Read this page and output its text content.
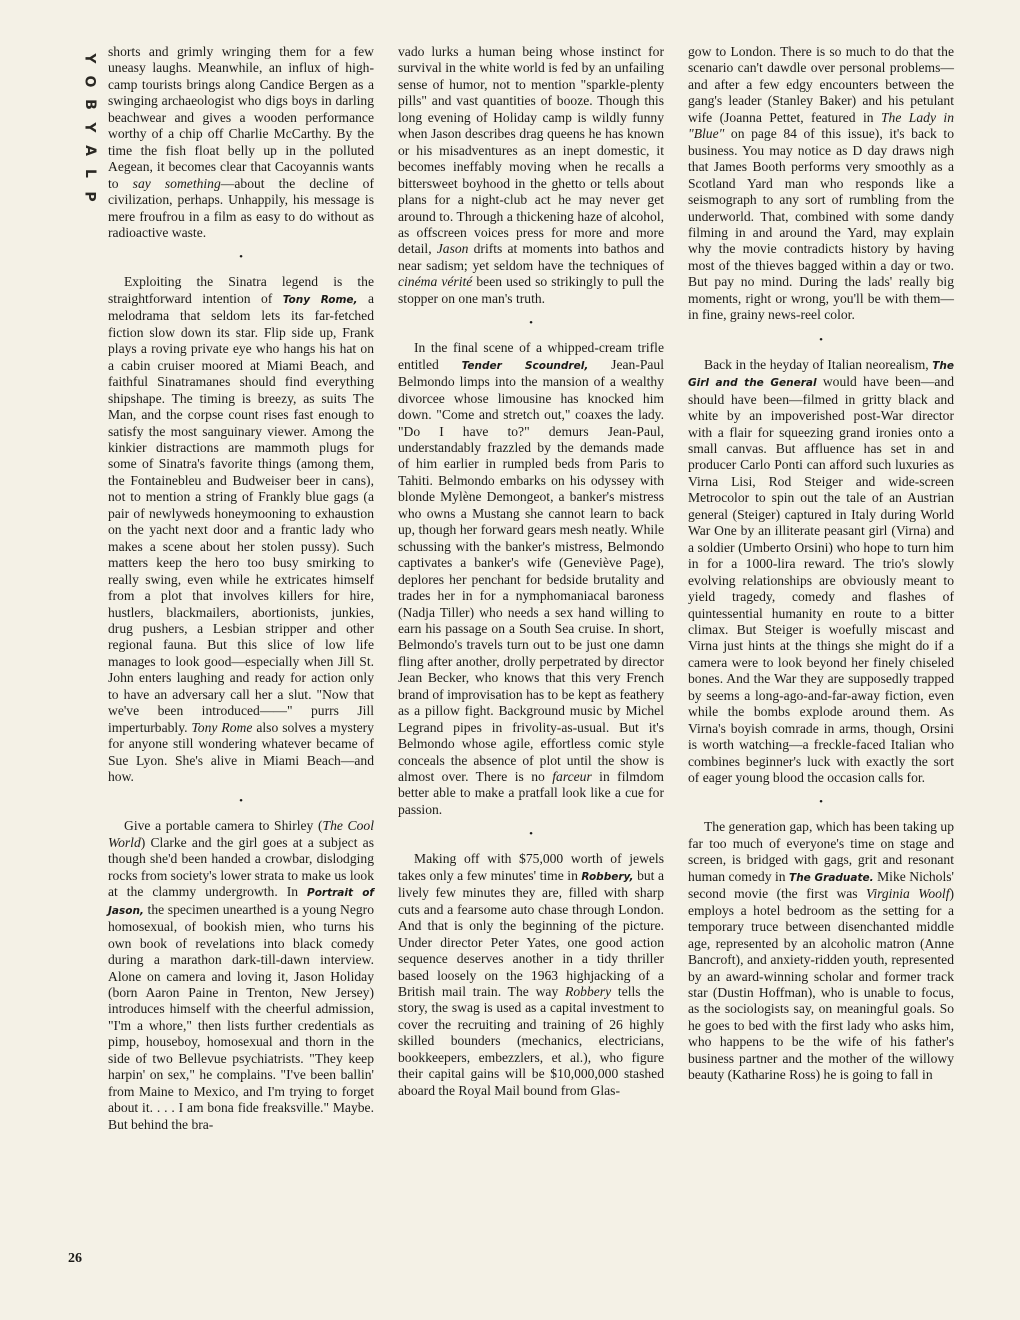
Y
O
B
Y
A
L
P

shorts and grimly wringing them for a few uneasy laughs. Meanwhile, an influx of high-camp tourists brings along Candice Bergen as a swinging archaeologist who digs boys in darling beachwear and gives a wooden performance worthy of a chip off Charlie McCarthy. By the time the fish float belly up in the polluted Aegean, it becomes clear that Cacoyannis wants to say something—about the decline of civilization, perhaps. Unhappily, his message is mere froufrou in a film as easy to do without as radioactive waste.

•

Exploiting the Sinatra legend is the straightforward intention of Tony Rome, a melodrama that seldom lets its far-fetched fiction slow down its star. Flip side up, Frank plays a roving private eye who hangs his hat on a cabin cruiser moored at Miami Beach, and faithful Sinatramanes should find everything shipshape. The timing is breezy, as suits The Man, and the corpse count rises fast enough to satisfy the most sanguinary viewer. Among the kinkier distractions are mammoth plugs for some of Sinatra's favorite things (among them, the Fontainebleu and Budweiser beer in cans), not to mention a string of Frankly blue gags (a pair of newlyweds honeymooning to exhaustion on the yacht next door and a frantic lady who makes a scene about her stolen pussy). Such matters keep the hero too busy smirking to really swing, even while he extricates himself from a plot that involves killers for hire, hustlers, blackmailers, abortionists, junkies, drug pushers, a Lesbian stripper and other regional fauna. But this slice of low life manages to look good—especially when Jill St. John enters laughing and ready for action only to have an adversary call her a slut. "Now that we've been introduced——" purrs Jill imperturbably. Tony Rome also solves a mystery for anyone still wondering whatever became of Sue Lyon. She's alive in Miami Beach—and how.

•

Give a portable camera to Shirley (The Cool World) Clarke and the girl goes at a subject as though she'd been handed a crowbar, dislodging rocks from society's lower strata to make us look at the clammy undergrowth. In Portrait of Jason, the specimen unearthed is a young Negro homosexual, of bookish mien, who turns his own book of revelations into black comedy during a marathon dark-till-dawn interview. Alone on camera and loving it, Jason Holiday (born Aaron Paine in Trenton, New Jersey) introduces himself with the cheerful admission, "I'm a whore," then lists further credentials as pimp, houseboy, homosexual and thorn in the side of two Bellevue psychiatrists. "They keep harpin' on sex," he complains. "I've been ballin' from Maine to Mexico, and I'm trying to forget about it. . . . I am bona fide freaksville." Maybe. But behind the bra-

vado lurks a human being whose instinct for survival in the white world is fed by an unfailing sense of humor, not to mention "sparkle-plenty pills" and vast quantities of booze. Though this long evening of Holiday camp is wildly funny when Jason describes drag queens he has known or his misadventures as an inept domestic, it becomes ineffably moving when he recalls a bittersweet boyhood in the ghetto or tells about plans for a night-club act he may never get around to. Through a thickening haze of alcohol, as offscreen voices press for more and more detail, Jason drifts at moments into bathos and near sadism; yet seldom have the techniques of cinéma vérité been used so strikingly to pull the stopper on one man's truth.

•

In the final scene of a whipped-cream trifle entitled Tender Scoundrel, Jean-Paul Belmondo limps into the mansion of a wealthy divorcee whose limousine has knocked him down. "Come and stretch out," coaxes the lady. "Do I have to?" demurs Jean-Paul, understandably frazzled by the demands made of him earlier in rumpled beds from Paris to Tahiti. Belmondo embarks on his odyssey with blonde Mylène Demongeot, a banker's mistress who owns a Mustang she cannot learn to back up, though her forward gears mesh neatly. While schussing with the banker's mistress, Belmondo captivates a banker's wife (Geneviève Page), deplores her penchant for bedside brutality and trades her in for a nymphomaniacal baroness (Nadja Tiller) who needs a sex hand willing to earn his passage on a South Sea cruise. In short, Belmondo's travels turn out to be just one damn fling after another, drolly perpetrated by director Jean Becker, who knows that this very French brand of improvisation has to be kept as feathery as a pillow fight. Background music by Michel Legrand pipes in frivolity-as-usual. But it's Belmondo whose agile, effortless comic style conceals the absence of plot until the show is almost over. There is no farceur in filmdom better able to make a pratfall look like a cue for passion.

•

Making off with $75,000 worth of jewels takes only a few minutes' time in Robbery, but a lively few minutes they are, filled with sharp cuts and a fearsome auto chase through London. And that is only the beginning of the picture. Under director Peter Yates, one good action sequence deserves another in a tidy thriller based loosely on the 1963 highjacking of a British mail train. The way Robbery tells the story, the swag is used as a capital investment to cover the recruiting and training of 26 highly skilled bounders (mechanics, electricians, bookkeepers, embezzlers, et al.), who figure their capital gains will be $10,000,000 stashed aboard the Royal Mail bound from Glas-

gow to London. There is so much to do that the scenario can't dawdle over personal problems—and after a few edgy encounters between the gang's leader (Stanley Baker) and his petulant wife (Joanna Pettet, featured in The Lady in "Blue" on page 84 of this issue), it's back to business. You may notice as D day draws nigh that James Booth performs very smoothly as a Scotland Yard man who responds like a seismograph to any sort of rumbling from the underworld. That, combined with some dandy filming in and around the Yard, may explain why the movie contradicts history by having most of the thieves bagged within a day or two. But pay no mind. During the lads' really big moments, right or wrong, you'll be with them—in fine, grainy news-reel color.

•

Back in the heyday of Italian neorealism, The Girl and the General would have been—and should have been—filmed in gritty black and white by an impoverished post-War director with a flair for squeezing grand ironies onto a small canvas. But affluence has set in and producer Carlo Ponti can afford such luxuries as Virna Lisi, Rod Steiger and wide-screen Metrocolor to spin out the tale of an Austrian general (Steiger) captured in Italy during World War One by an illiterate peasant girl (Virna) and a soldier (Umberto Orsini) who hope to turn him in for a 1000-lira reward. The trio's slowly evolving relationships are obviously meant to yield tragedy, comedy and flashes of quintessential humanity en route to a bitter climax. But Steiger is woefully miscast and Virna just hints at the things she might do if a camera were to look beyond her finely chiseled bones. And the War they are supposedly trapped by seems a long-ago-and-far-away fiction, even while the bombs explode around them. As Virna's boyish comrade in arms, though, Orsini is worth watching—a freckle-faced Italian who combines beginner's luck with exactly the sort of eager young blood the occasion calls for.

•

The generation gap, which has been taking up far too much of everyone's time on stage and screen, is bridged with gags, grit and resonant human comedy in The Graduate. Mike Nichols' second movie (the first was Virginia Woolf) employs a hotel bedroom as the setting for a temporary truce between disenchanted middle age, represented by an alcoholic matron (Anne Bancroft), and anxiety-ridden youth, represented by an award-winning scholar and former track star (Dustin Hoffman), who is unable to focus, as the sociologists say, on meaningful goals. So he goes to bed with the first lady who asks him, who happens to be the wife of his father's business partner and the mother of the willowy beauty (Katharine Ross) he is going to fall in

26
